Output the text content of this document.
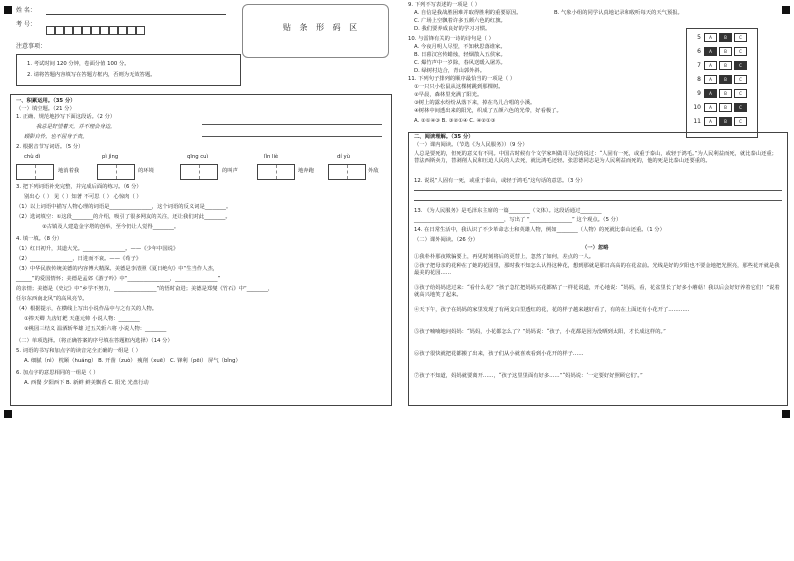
姓 名：
考 号：	贴 条 形 码 区
注意事项：
1. 考试时间 120 分钟，卷面分值 100 分。
2. 请将答题内容填写在答题方框内，否则为无效答题。
一、积累运用。（35 分）
（一）填空题。（21 分）
1. 正确、规范地抄写下面这段话。（2 分）
我总是好望着天，并不理会身边，
顾影自怜，也不屈身于贵。
2. 根据音节写词语。（5 分）
chù dì	pì jìng	qīng cuì	lǐn liè	dí yù
地消着我	的环境	的叫声	地奔跑	外敌
3. 把下列词语补充完整，并完成后面的练习。（6 分）
别出心（ ） 见（ ）知著 不可思（ ） 心惊肉（ ）
（1）以上词语中描写人物心理的词语是________________，这个词语的反义词是________。
（2）选词填空：①这段________的介绍，吸引了很多网友的关注，还让我们对此________。
②古镇及人建造金字塔的创举，至今仍让人觉得________。
4. 填一填。（8 分）
（1）红日初升，其道大光。________________。——《少年中国说》
（2）________________，日进而不衰。——《荀子》
（3）中华民族传统美德的内容博大精深。美德是李清照《夏日绝句》中“生当作人杰，
______”的爱国情怀；美德是孟郊《游子吟》中“________________，________________”
的亲情；美德是《史记》中“乡学不努力，________________”的悟时奋进；美德是郑燮《竹石》中“________，
任尔东西南北风”的高风亮节。
（4）根据提示，在横线上写出小说作品中与之有关的人物。
①捧天卿 九齿钉耙 天蓬元帅 小说人物：________
②桃园三结义 温酒斩华雄 过五关斩六将 小说人物：________
（二）单项选择。（将正确答案的序号填在答题框内选择）（14 分）
5. 词语的书写和加点字的读音完全正确的一组是（ ）
A. 细腻（nì） 枕颐（huáng） B. 开凿（zuò） 瘦削（xuē） C. 锋利（pēi） 屏气（bǐng）
6. 加点字的意思相同的一组是（ ）
A. 西餐 夕阳西下 B. 新鲜 鲜美飘香 C. 阳光 光盘行动
9. 下列不写表述的一项是（ ）
A. 自信是我战胜困难并取得胜利的重要原因。	B. 气象小组的同学认真地记录和收听每天的天气预报。
C. 广场上空飘着许多五颜六色的红旗。
D. 我们要养成良好的学习习惯。
10. 与雷锋有关的一诗的诗句是（ ）
A. 今夜月明人尽望，不知秋思落谁家。
B. 日暮汉宫传蜡烛，轻烟散入五侯家。
C. 爆竹声中一岁除，春风送暖入屠苏。
D. 绿树村边合，青山郭外斜。
11. 下列句子排列的顺序最恰当的一项是（ ）
①一只只小松鼠从这棵树跳到那棵树。
②早晨，森林里充满了阳光。
③树上的露水纷纷从落下来，掉在鸟儿合唱的小溪。
④树林中间透出来的阳光，织成了五颜六色的光带，好看极了。
A. ②①④③ B. ③②①④ C. ④②①③
5	A	B	C
6	A	B	C
7	A	B	C
8	A	B	C
9	A	B	C
10	A	B	C
11	A	B	C
二、阅读理解。（35 分）
（一）课内阅读。（节选《为人民服务》）（9 分）
人总是要死的，但死的意义有不同。中国古时候有个文学家叫做司马迁的说过：“人固有一死，或重于泰山，或轻于鸿毛。”为人民利益而死，就比泰山还重；替法西斯卖力，替剥削人民和压迫人民的人去死，就比鸿毛还轻。张思德同志是为人民利益而死的，他的死是比泰山还要重的。
12. 说说“人固有一死，或重于泰山，或轻于鸿毛”这句话的意思。（3 分）
13. 《为人民服务》是毛泽东主席的一篇________（文体）。这段话通过________
__________________________________，写出了 “________________” 这个观点。（5 分）
14. 在日常生活中，我认识了不少革命志士和英雄人物，例如________（人物）的死就比泰山还重。（1 分）
（二）课外阅读。（26 分）
（一）忽略
①我朴朴那夜欺骗要上，再见时刻将后的更替上，忽然了如何，差点的一人。
②孩子把母亲的花种在了她的花园里，那时我不知怎么认得这种花，想到那就是那日高高的在花盆前。光线是好的夕阳也不要金地把光照亮，那些花开就是我最美的花园……
③孩子给妈妈送过来：“看什么花？”孩子急忙把妈妈买花都贴了一样花说道，开心地说：“妈妈，看，花盆里长了好多小蘑菇！我以后会好好养着它们！”说着就高兴地笑了起来。
④天下午，孩子在妈妈的家里发现了有两支白里透红的花，花的样子越来越好看了，有的在上面还有小花开了…………
⑤孩子喃喃地问妈妈：“妈妈，小花都怎么了？”妈妈说：“孩子，小花都是因为没晒到太阳，才长成这样的。”
⑥孩子很快就把花都搬了出来，孩子们从小就喜欢看到小花开的样子……
⑦孩子不知道，妈妈就要离开……，“孩子这里里面有好多……”“妈妈说：‘一定要好好照顾它们’。”
